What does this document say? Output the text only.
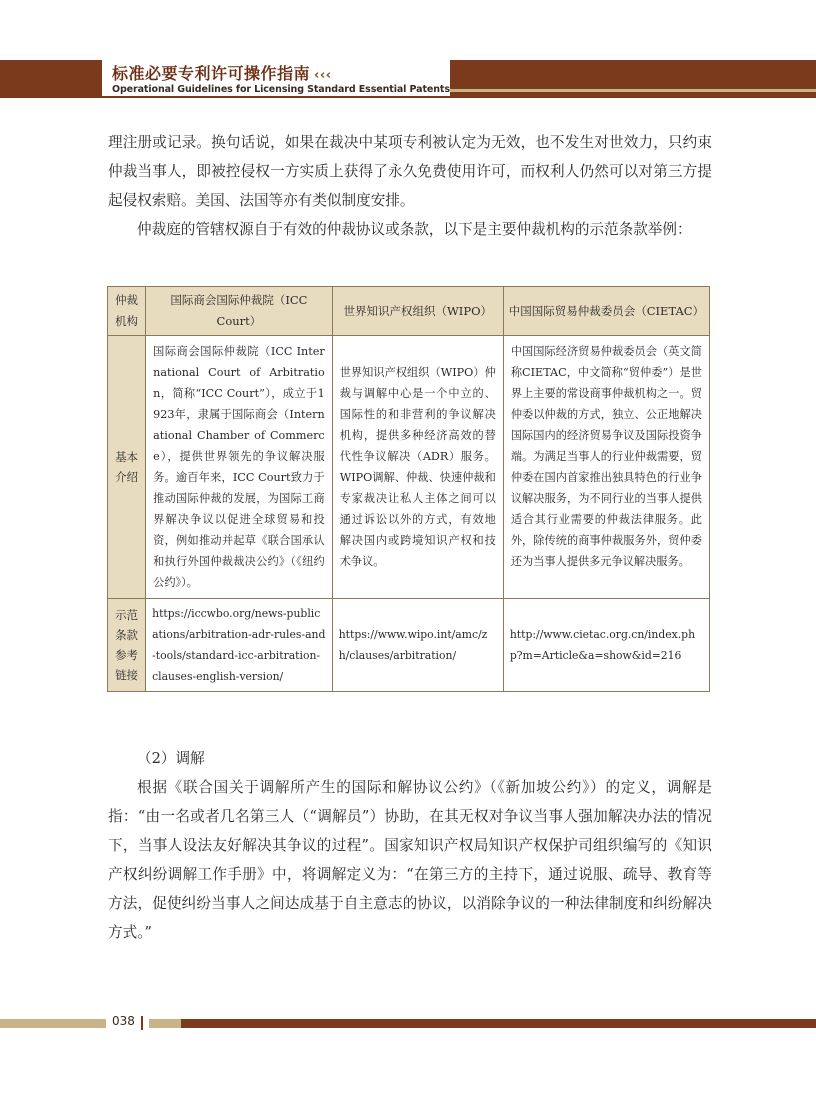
标准必要专利许可操作指南 ‹‹‹
Operational Guidelines for Licensing Standard Essential Patents

理注册或记录。换句话说，如果在裁决中某项专利被认定为无效，也不发生对世效力，只约束仲裁当事人，即被控侵权一方实质上获得了永久免费使用许可，而权利人仍然可以对第三方提起侵权索赔。美国、法国等亦有类似制度安排。

仲裁庭的管辖权源自于有效的仲裁协议或条款，以下是主要仲裁机构的示范条款举例：

仲裁机构	国际商会国际仲裁院（ICC Court）	世界知识产权组织（WIPO）	中国国际贸易仲裁委员会（CIETAC）
基本介绍	国际商会国际仲裁院（ICC International Court of Arbitration，简称“ICC Court”），成立于1923年，隶属于国际商会（International Chamber of Commerce），提供世界领先的争议解决服务。逾百年来，ICC Court致力于推动国际仲裁的发展，为国际工商界解决争议以促进全球贸易和投资，例如推动并起草《联合国承认和执行外国仲裁裁决公约》（《纽约公约》）。	世界知识产权组织（WIPO）仲裁与调解中心是一个中立的、国际性的和非营利的争议解决机构，提供多种经济高效的替代性争议解决（ADR）服务。WIPO调解、仲裁、快速仲裁和专家裁决让私人主体之间可以通过诉讼以外的方式，有效地解决国内或跨境知识产权和技术争议。	中国国际经济贸易仲裁委员会（英文简称CIETAC，中文简称“贸仲委”）是世界上主要的常设商事仲裁机构之一。贸仲委以仲裁的方式，独立、公正地解决国际国内的经济贸易争议及国际投资争端。为满足当事人的行业仲裁需要，贸仲委在国内首家推出独具特色的行业争议解决服务，为不同行业的当事人提供适合其行业需要的仲裁法律服务。此外，除传统的商事仲裁服务外，贸仲委还为当事人提供多元争议解决服务。
示范条款参考链接	https://iccwbo.org/news-publications/arbitration-adr-rules-and-tools/standard-icc-arbitration-clauses-english-version/	https://www.wipo.int/amc/zh/clauses/arbitration/	http://www.cietac.org.cn/index.php?m=Article&a=show&id=216

（2）调解

根据《联合国关于调解所产生的国际和解协议公约》（《新加坡公约》）的定义，调解是指：“由一名或者几名第三人（“调解员”）协助，在其无权对争议当事人强加解决办法的情况下，当事人设法友好解决其争议的过程”。国家知识产权局知识产权保护司组织编写的《知识产权纠纷调解工作手册》中，将调解定义为：“在第三方的主持下，通过说服、疏导、教育等方法，促使纠纷当事人之间达成基于自主意志的协议，以消除争议的一种法律制度和纠纷解决方式。”

038
